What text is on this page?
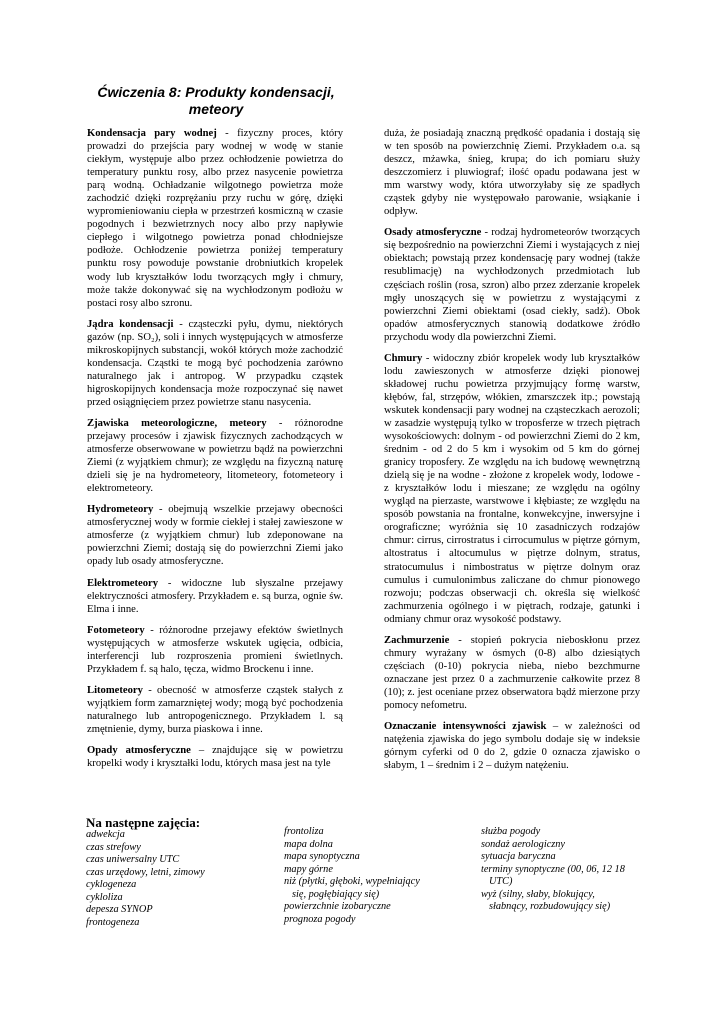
Ćwiczenia 8: Produkty kondensacji,
meteory

Kondensacja pary wodnej - fizyczny proces, który prowadzi do przejścia pary wodnej w wodę w stanie ciekłym, występuje albo przez ochłodzenie powietrza do temperatury punktu rosy, albo przez nasycenie powietrza parą wodną. Ochładzanie wilgotnego powietrza może zachodzić dzięki rozprężaniu przy ruchu w górę, dzięki wypromieniowaniu ciepła w przestrzeń kosmiczną w czasie pogodnych i bezwietrznych nocy albo przy napływie ciepłego i wilgotnego powietrza ponad chłodniejsze podłoże. Ochłodzenie powietrza poniżej temperatury punktu rosy powoduje powstanie drobniutkich kropelek wody lub kryształków lodu tworzących mgły i chmury, może także dokonywać się na wychłodzonym podłożu w postaci rosy albo szronu.

Jądra kondensacji - cząsteczki pyłu, dymu, niektórych gazów (np. SO₂), soli i innych występujących w atmosferze mikroskopijnych substancji, wokół których może zachodzić kondensacja. Cząstki te mogą być pochodzenia zarówno naturalnego jak i antropog. W przypadku cząstek higroskopijnych kondensacja może rozpoczynać się nawet przed osiągnięciem przez powietrze stanu nasycenia.

Zjawiska meteorologiczne, meteory - różnorodne przejawy procesów i zjawisk fizycznych zachodzących w atmosferze obserwowane w powietrzu bądź na powierzchni Ziemi (z wyjątkiem chmur); ze względu na fizyczną naturę dzieli się je na hydrometeory, litometeory, fotometeory i elektrometeory.

Hydrometeory - obejmują wszelkie przejawy obecności atmosferycznej wody w formie ciekłej i stałej zawieszone w atmosferze (z wyjątkiem chmur) lub zdeponowane na powierzchni Ziemi; dostają się do powierzchni Ziemi jako opady lub osady atmosferyczne.

Elektrometeory - widoczne lub słyszalne przejawy elektryczności atmosfery. Przykładem e. są burza, ognie św. Elma i inne.

Fotometeory - różnorodne przejawy efektów świetlnych występujących w atmosferze wskutek ugięcia, odbicia, interferencji lub rozproszenia promieni świetlnych. Przykładem f. są halo, tęcza, widmo Brockenu i inne.

Litometeory - obecność w atmosferze cząstek stałych z wyjątkiem form zamarzniętej wody; mogą być pochodzenia naturalnego lub antropogenicznego. Przykładem l. są zmętnienie, dymy, burza piaskowa i inne.

Opady atmosferyczne – znajdujące się w powietrzu kropelki wody i kryształki lodu, których masa jest na tyle

duża, że posiadają znaczną prędkość opadania i dostają się w ten sposób na powierzchnię Ziemi. Przykładem o.a. są deszcz, mżawka, śnieg, krupa; do ich pomiaru służy deszczomierz i pluwiograf; ilość opadu podawana jest w mm warstwy wody, która utworzyłaby się ze spadłych cząstek gdyby nie występowało parowanie, wsiąkanie i odpływ.

Osady atmosferyczne - rodzaj hydrometeorów tworzących się bezpośrednio na powierzchni Ziemi i wystających z niej obiektach; powstają przez kondensację pary wodnej (także resublimację) na wychłodzonych przedmiotach lub częściach roślin (rosa, szron) albo przez zderzanie kropelek mgły unoszących się w powietrzu z wystającymi z powierzchni Ziemi obiektami (osad ciekły, sadź). Obok opadów atmosferycznych stanowią dodatkowe źródło przychodu wody dla powierzchni Ziemi.

Chmury - widoczny zbiór kropelek wody lub kryształków lodu zawieszonych w atmosferze dzięki pionowej składowej ruchu powietrza przyjmujący formę warstw, kłębów, fal, strzępów, włókien, zmarszczek itp.; powstają wskutek kondensacji pary wodnej na cząsteczkach aerozoli; w zasadzie występują tylko w troposferze w trzech piętrach wysokościowych: dolnym - od powierzchni Ziemi do 2 km, średnim - od 2 do 5 km i wysokim od 5 km do górnej granicy troposfery. Ze względu na ich budowę wewnętrzną dzielą się je na wodne - złożone z kropelek wody, lodowe - z kryształków lodu i mieszane; ze względu na ogólny wygląd na pierzaste, warstwowe i kłębiaste; ze względu na sposób powstania na frontalne, konwekcyjne, inwersyjne i orograficzne; wyróżnia się 10 zasadniczych rodzajów chmur: cirrus, cirrostratus i cirrocumulus w piętrze górnym, altostratus i altocumulus w piętrze dolnym, stratus, stratocumulus i nimbostratus w piętrze dolnym oraz cumulus i cumulonimbus zaliczane do chmur pionowego rozwoju; podczas obserwacji ch. określa się wielkość zachmurzenia ogólnego i w piętrach, rodzaje, gatunki i odmiany chmur oraz wysokość podstawy.

Zachmurzenie - stopień pokrycia nieboskłonu przez chmury wyrażany w ósmych (0-8) albo dziesiątych częściach (0-10) pokrycia nieba, niebo bezchmurne oznaczane jest przez 0 a zachmurzenie całkowite przez 8 (10); z. jest oceniane przez obserwatora bądź mierzone przy pomocy nefometru.

Oznaczanie intensywności zjawisk – w zależności od natężenia zjawiska do jego symbolu dodaje się w indeksie górnym cyferki od 0 do 2, gdzie 0 oznacza zjawisko o słabym, 1 – średnim i 2 – dużym natężeniu.

Na następne zajęcia:
adwekcja
czas strefowy
czas uniwersalny UTC
czas urzędowy, letni, zimowy
cyklogeneza
cykloliza
depesza SYNOP
frontogeneza
frontoliza
mapa dolna
mapa synoptyczna
mapy górne
niż (płytki, głęboki, wypełniający
się, pogłębiający się)
powierzchnie izobaryczne
prognoza pogody
służba pogody
sondaż aerologiczny
sytuacja baryczna
terminy synoptyczne (00, 06, 12 18
UTC)
wyż (silny, słaby, blokujący,
słabnący, rozbudowujący się)
